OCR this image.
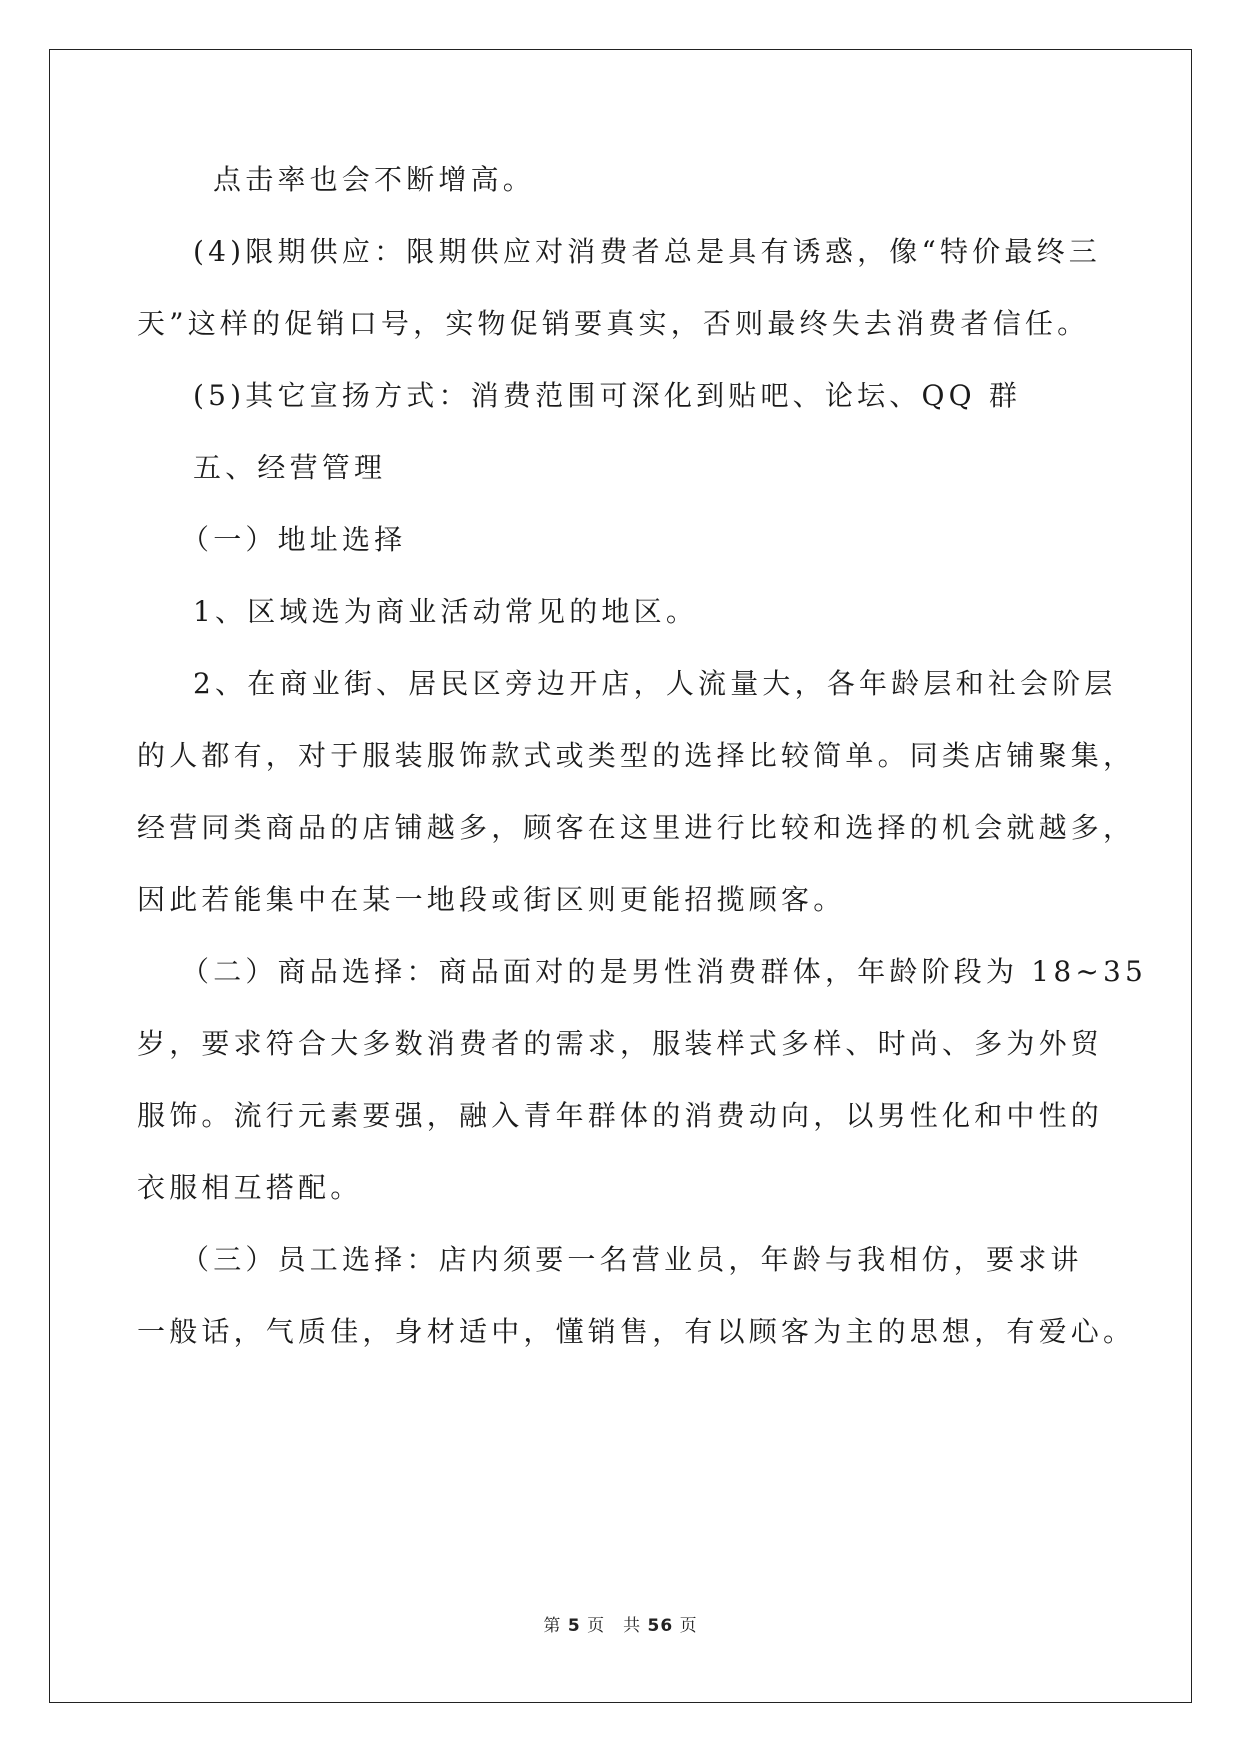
点击率也会不断增高。
(4)限期供应：限期供应对消费者总是具有诱惑，像“特价最终三
天”这样的促销口号，实物促销要真实，否则最终失去消费者信任。
(5)其它宣扬方式：消费范围可深化到贴吧、论坛、QQ 群
五、经营管理
（一）地址选择
1、区域选为商业活动常见的地区。
2、在商业街、居民区旁边开店，人流量大，各年龄层和社会阶层
的人都有，对于服装服饰款式或类型的选择比较简单。同类店铺聚集，
经营同类商品的店铺越多，顾客在这里进行比较和选择的机会就越多，
因此若能集中在某一地段或街区则更能招揽顾客。
（二）商品选择：商品面对的是男性消费群体，年龄阶段为 18~35
岁，要求符合大多数消费者的需求，服装样式多样、时尚、多为外贸
服饰。流行元素要强，融入青年群体的消费动向，以男性化和中性的
衣服相互搭配。
（三）员工选择：店内须要一名营业员，年龄与我相仿，要求讲
一般话，气质佳，身材适中，懂销售，有以顾客为主的思想，有爱心。
第 5 页　共 56 页
